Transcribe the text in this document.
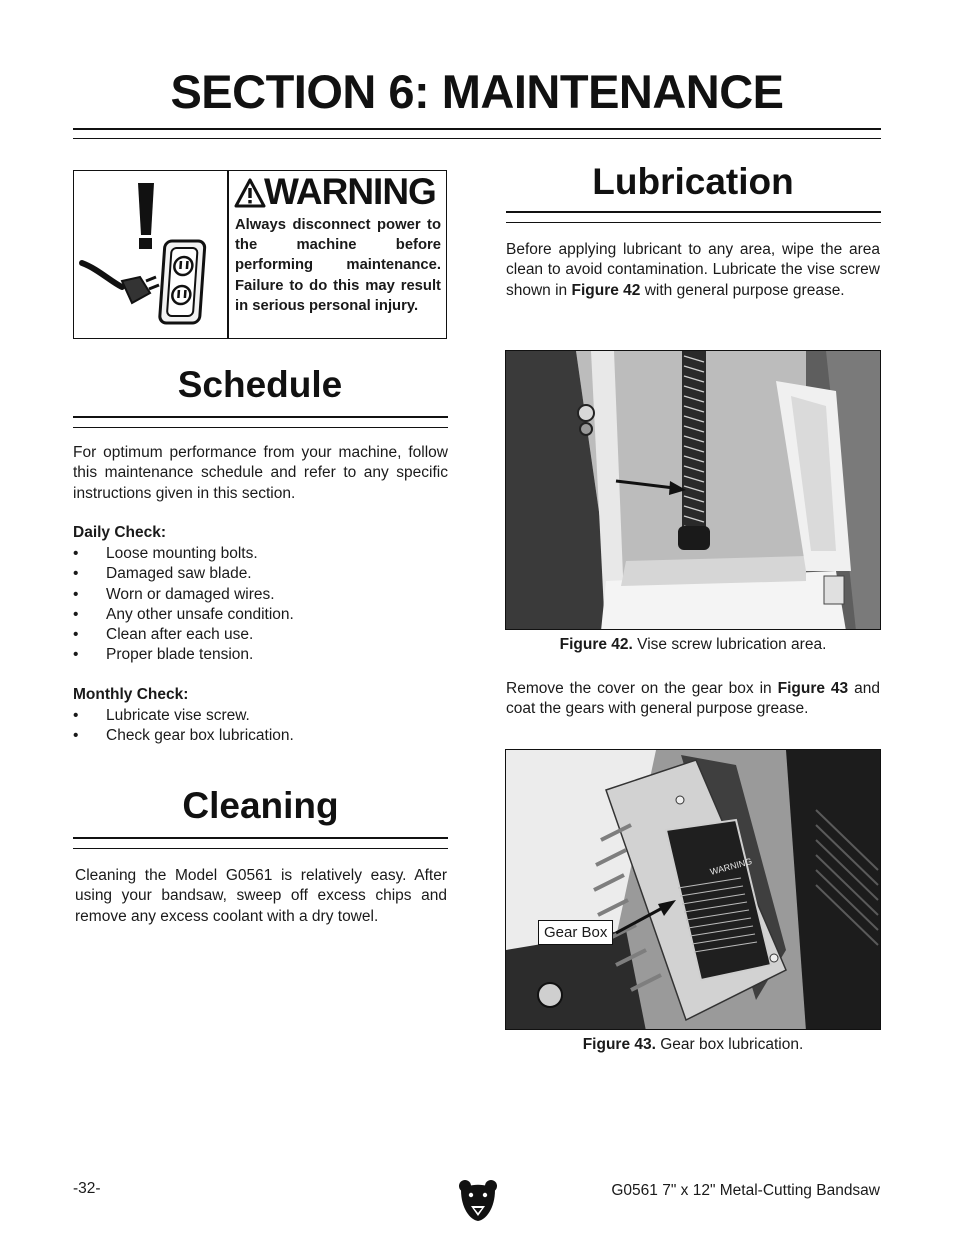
SECTION 6: MAINTENANCE
WARNING
Always disconnect power to the machine before performing maintenance. Failure to do this may result in serious personal injury.
Schedule
For optimum performance from your machine, follow this maintenance schedule and refer to any specific instructions given in this section.
Daily Check:
• Loose mounting bolts.
• Damaged saw blade.
• Worn or damaged wires.
• Any other unsafe condition.
• Clean after each use.
• Proper blade tension.
Monthly Check:
• Lubricate vise screw.
• Check gear box lubrication.
Cleaning
Cleaning the Model G0561 is relatively easy. After using your bandsaw, sweep off excess chips and remove any excess coolant with a dry towel.
Lubrication
Before applying lubricant to any area, wipe the area clean to avoid contamination. Lubricate the vise screw shown in Figure 42 with general purpose grease.
Figure 42. Vise screw lubrication area.
Remove the cover on the gear box in Figure 43 and coat the gears with general purpose grease.
WARNING
Gear Box
Figure 43. Gear box lubrication.
-32-	G0561 7" x 12" Metal-Cutting Bandsaw
